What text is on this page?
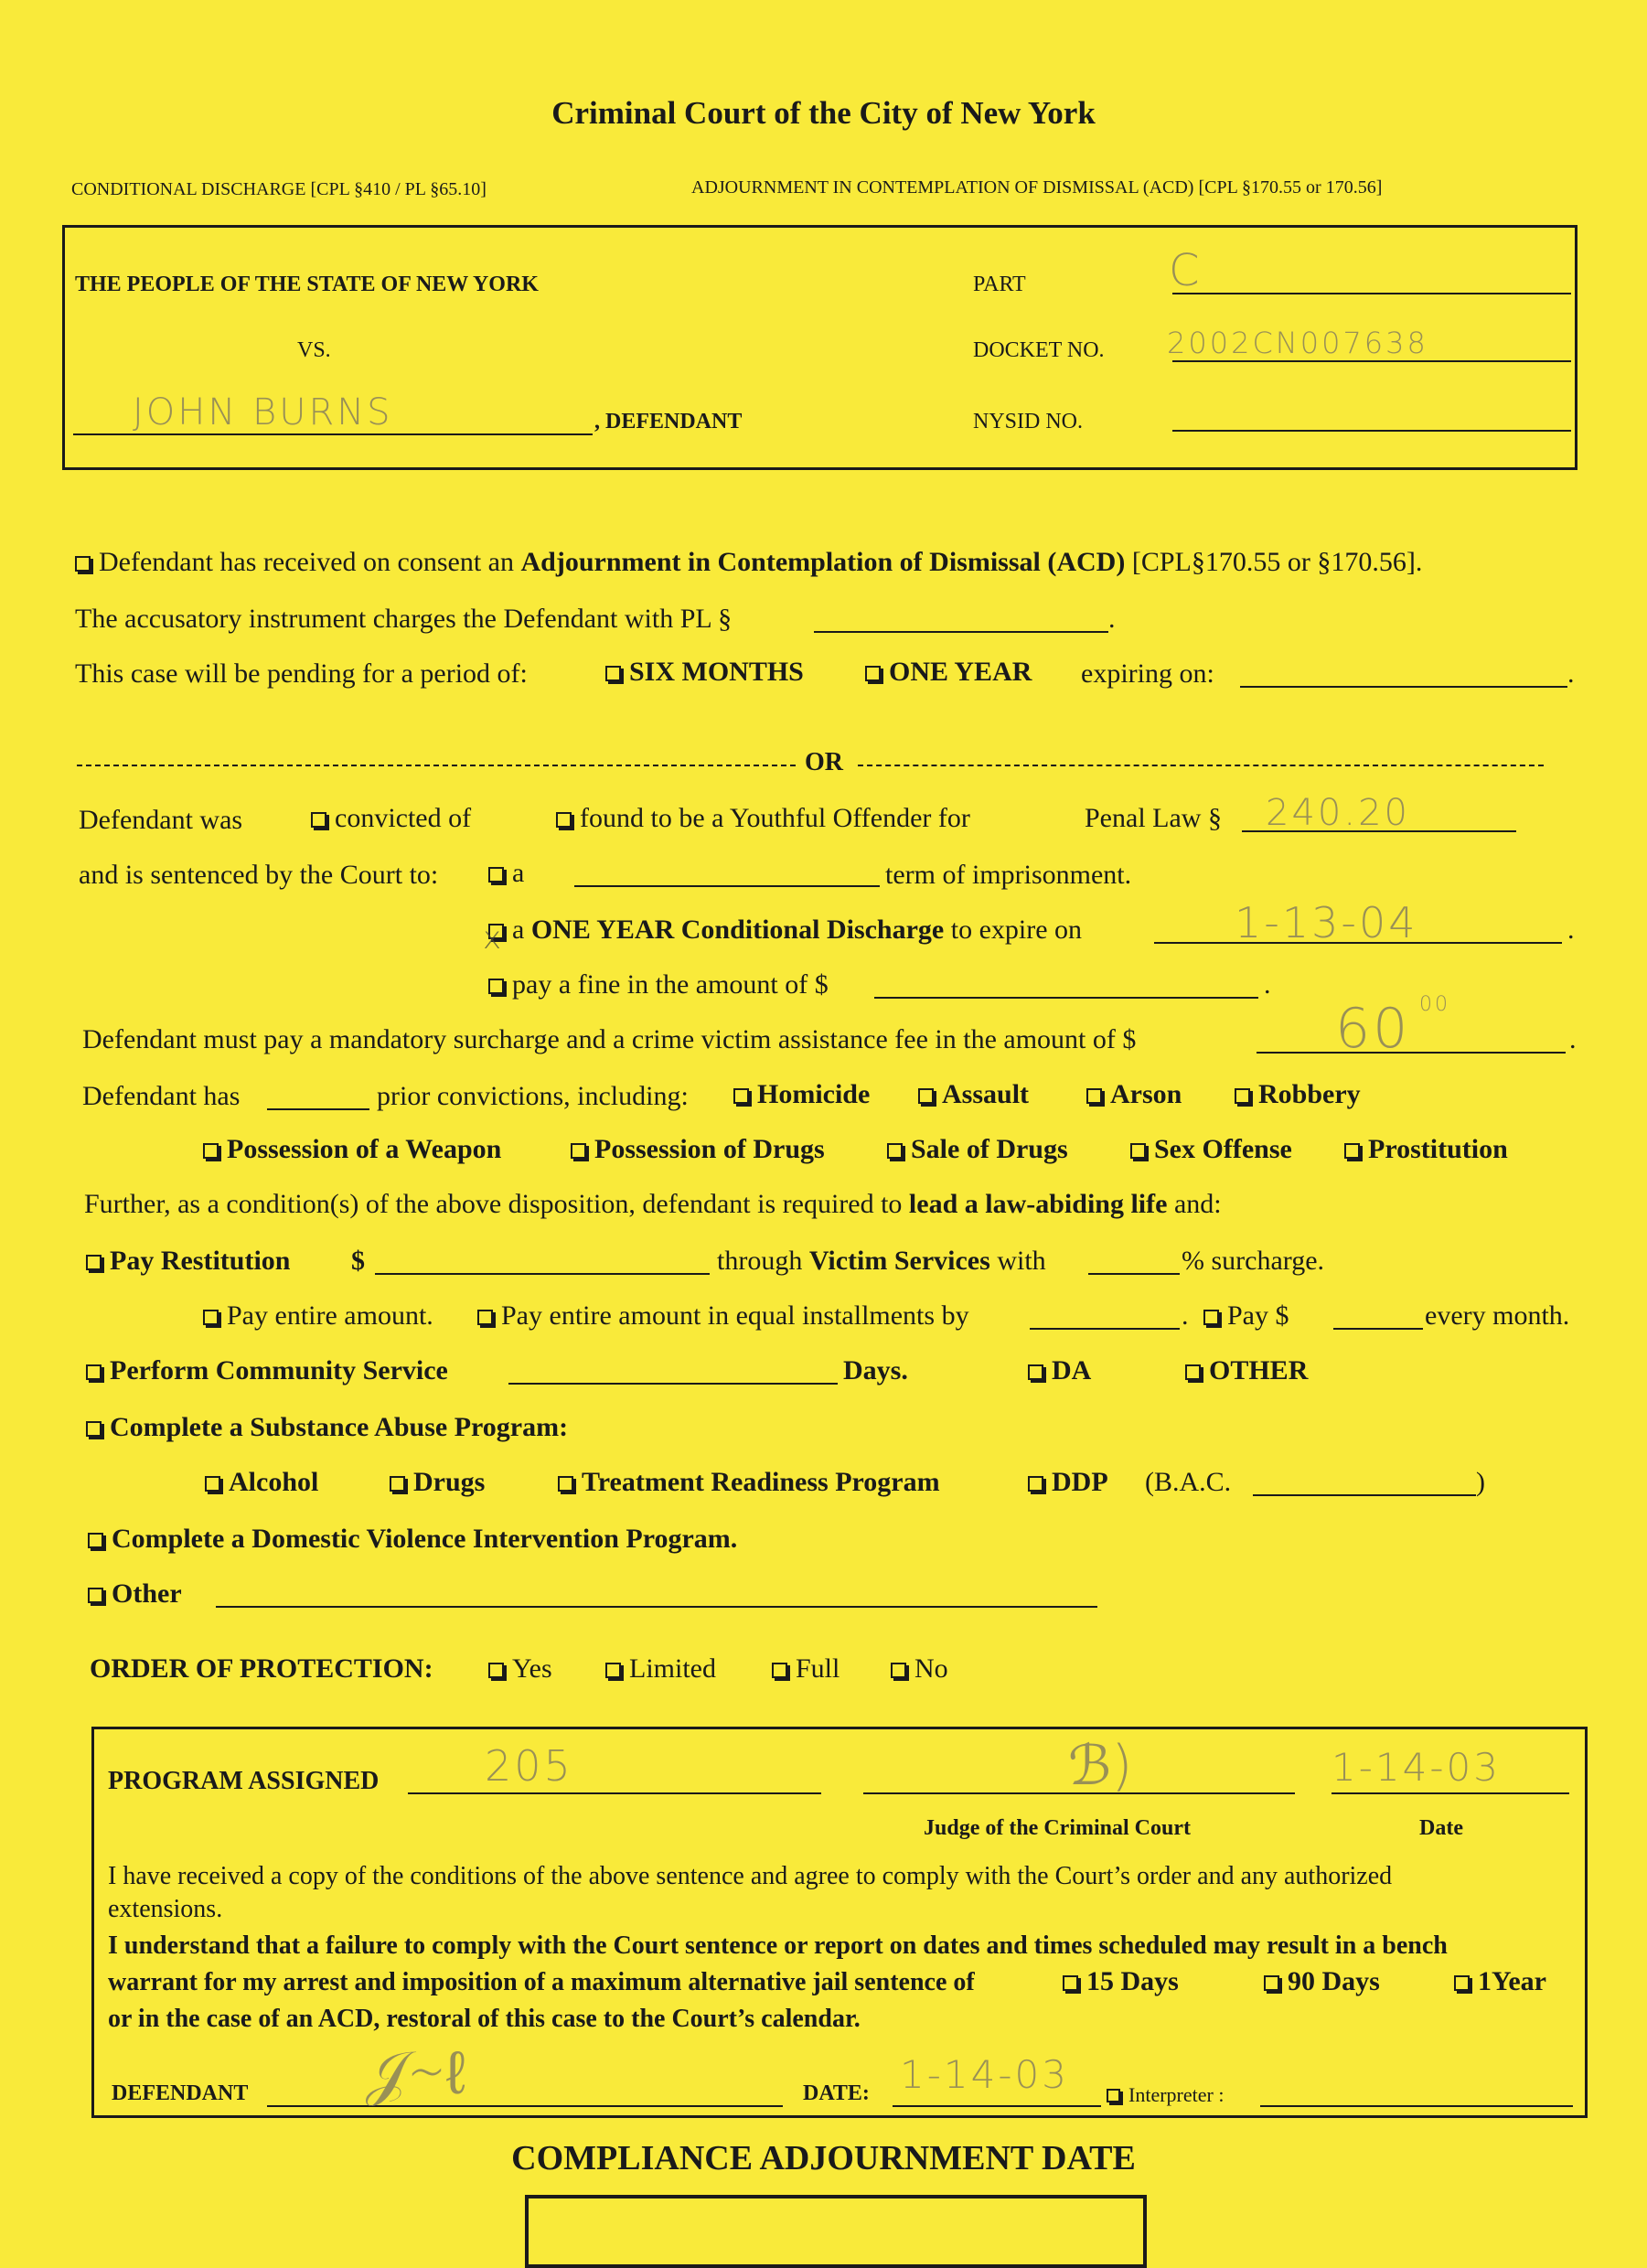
Criminal Court of the City of New York
CONDITIONAL DISCHARGE [CPL §410 / PL §65.10]	ADJOURNMENT IN CONTEMPLATION OF DISMISSAL (ACD) [CPL §170.55 or 170.56]
THE PEOPLE OF THE STATE OF NEW YORK
VS.
JOHN BURNS	, DEFENDANT
PART	C
DOCKET NO. 2002CN007638
NYSID NO.
Defendant has received on consent an Adjournment in Contemplation of Dismissal (ACD) [CPL§170.55 or §170.56].
The accusatory instrument charges the Defendant with PL §	.
This case will be pending for a period of:	SIX MONTHS	ONE YEAR expiring on:	.
OR
Defendant was	convicted of	found to be a Youthful Offender for	Penal Law § 240.20
and is sentenced by the Court to:	a	term of imprisonment.
a ONE YEAR Conditional Discharge to expire on
x	1-13-04	.
pay a fine in the amount of $	.
Defendant must pay a mandatory surcharge and a crime victim assistance fee in the amount of $	60 00
.
Defendant has	prior convictions, including:	Homicide	Assault	Arson	Robbery
Possession of a Weapon	Possession of Drugs	Sale of Drugs	Sex Offense	Prostitution
Further, as a condition(s) of the above disposition, defendant is required to lead a law-abiding life and:
Pay Restitution $	through Victim Services with	% surcharge.
Pay entire amount.	Pay entire amount in equal installments by	.	Pay $	every month.
Perform Community Service	Days.	DA	OTHER
Complete a Substance Abuse Program:
Alcohol	Drugs	Treatment Readiness Program	DDP (B.A.C.	)
Complete a Domestic Violence Intervention Program.
Other
ORDER OF PROTECTION:	Yes	Limited	Full	No
PROGRAM ASSIGNED	205	ℬ)	1-14-03
Judge of the Criminal Court	Date
I have received a copy of the conditions of the above sentence and agree to comply with the Court’s order and any authorized
extensions.
I understand that a failure to comply with the Court sentence or report on dates and times scheduled may result in a bench
warrant for my arrest and imposition of a maximum alternative jail sentence of	15 Days	90 Days	1Year
or in the case of an ACD, restoral of this case to the Court’s calendar.
DEFENDANT 𝒥∼ℓ	DATE: 1-14-03	Interpreter :
COMPLIANCE ADJOURNMENT DATE
